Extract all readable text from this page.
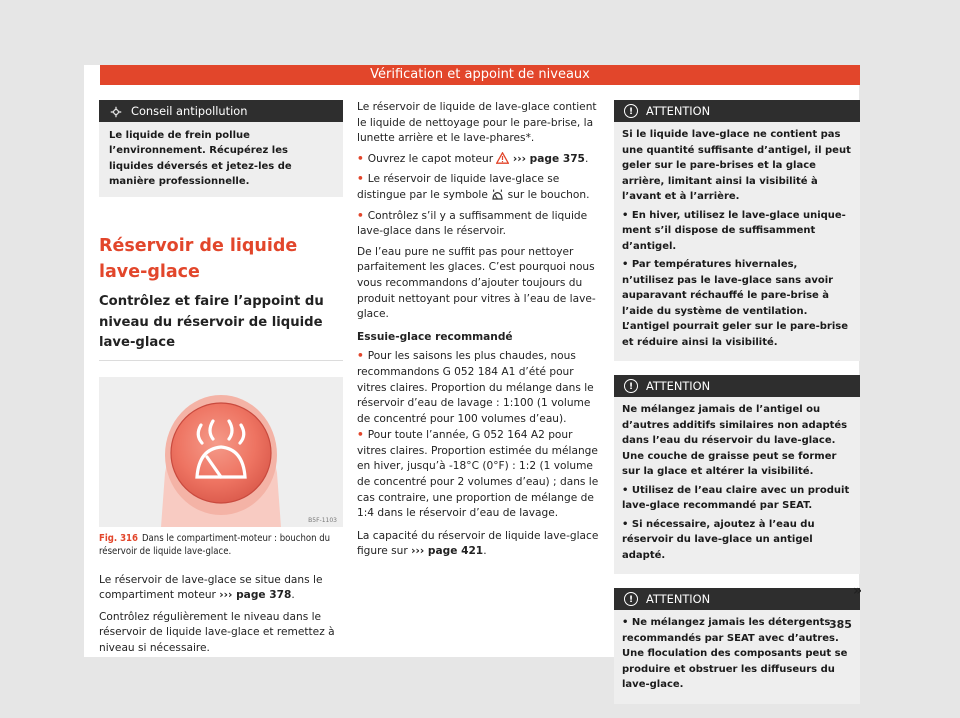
Vérification et appoint de niveaux
Conseil antipollution
Le liquide de frein pollue l’environnement. Récupérez les liquides déversés et jetez-les de manière professionnelle.
Réservoir de liquide lave-glace
Contrôlez et faire l’appoint du niveau du réservoir de liquide lave-glace
B5F-1103
Fig. 316 Dans le compartiment-moteur : bouchon du réservoir de liquide lave-glace.

Le réservoir de lave-glace se situe dans le compartiment moteur ››› page 378.

Contrôlez régulièrement le niveau dans le réservoir de liquide lave-glace et remettez à niveau si nécessaire.

Le réservoir de liquide de lave-glace contient le liquide de nettoyage pour le pare-brise, la lunette arrière et le lave-phares*.

• Ouvrez le capot moteur ››› page 375.

• Le réservoir de liquide lave-glace se distingue par le symbole sur le bouchon.

• Contrôlez s’il y a suffisamment de liquide lave-glace dans le réservoir.

De l’eau pure ne suffit pas pour nettoyer parfaitement les glaces. C’est pourquoi nous vous recommandons d’ajouter toujours du produit nettoyant pour vitres à l’eau de lave-glace.

Essuie-glace recommandé

• Pour les saisons les plus chaudes, nous recommandons G 052 184 A1 d’été pour vitres claires. Proportion du mélange dans le réservoir d’eau de lavage : 1:100 (1 volume de concentré pour 100 volumes d’eau).

• Pour toute l’année, G 052 164 A2 pour vitres claires. Proportion estimée du mélange en hiver, jusqu’à -18°C (0°F) : 1:2 (1 volume de concentré pour 2 volumes d’eau) ; dans le cas contraire, une proportion de mélange de 1:4 dans le réservoir d’eau de lavage.

La capacité du réservoir de liquide lave-glace figure sur ››› page 421.

!	ATTENTION

Si le liquide lave-glace ne contient pas une quantité suffisante d’antigel, il peut geler sur le pare-brises et la glace arrière, limitant ainsi la visibilité à l’avant et à l’arrière.

• En hiver, utilisez le lave-glace unique-ment s’il dispose de suffisamment d’antigel.

• Par températures hivernales, n’utilisez pas le lave-glace sans avoir auparavant réchauffé le pare-brise à l’aide du système de ventilation. L’antigel pourrait geler sur le pare-brise et réduire ainsi la visibilité.

!	ATTENTION

Ne mélangez jamais de l’antigel ou d’autres additifs similaires non adaptés dans l’eau du réservoir du lave-glace. Une couche de graisse peut se former sur la glace et altérer la visibilité.

• Utilisez de l’eau claire avec un produit lave-glace recommandé par SEAT.

• Si nécessaire, ajoutez à l’eau du réservoir du lave-glace un antigel adapté.

!	ATTENTION

• Ne mélangez jamais les détergents recommandés par SEAT avec d’autres. Une floculation des composants peut se produire et obstruer les diffuseurs du lave-glace.

»
385
